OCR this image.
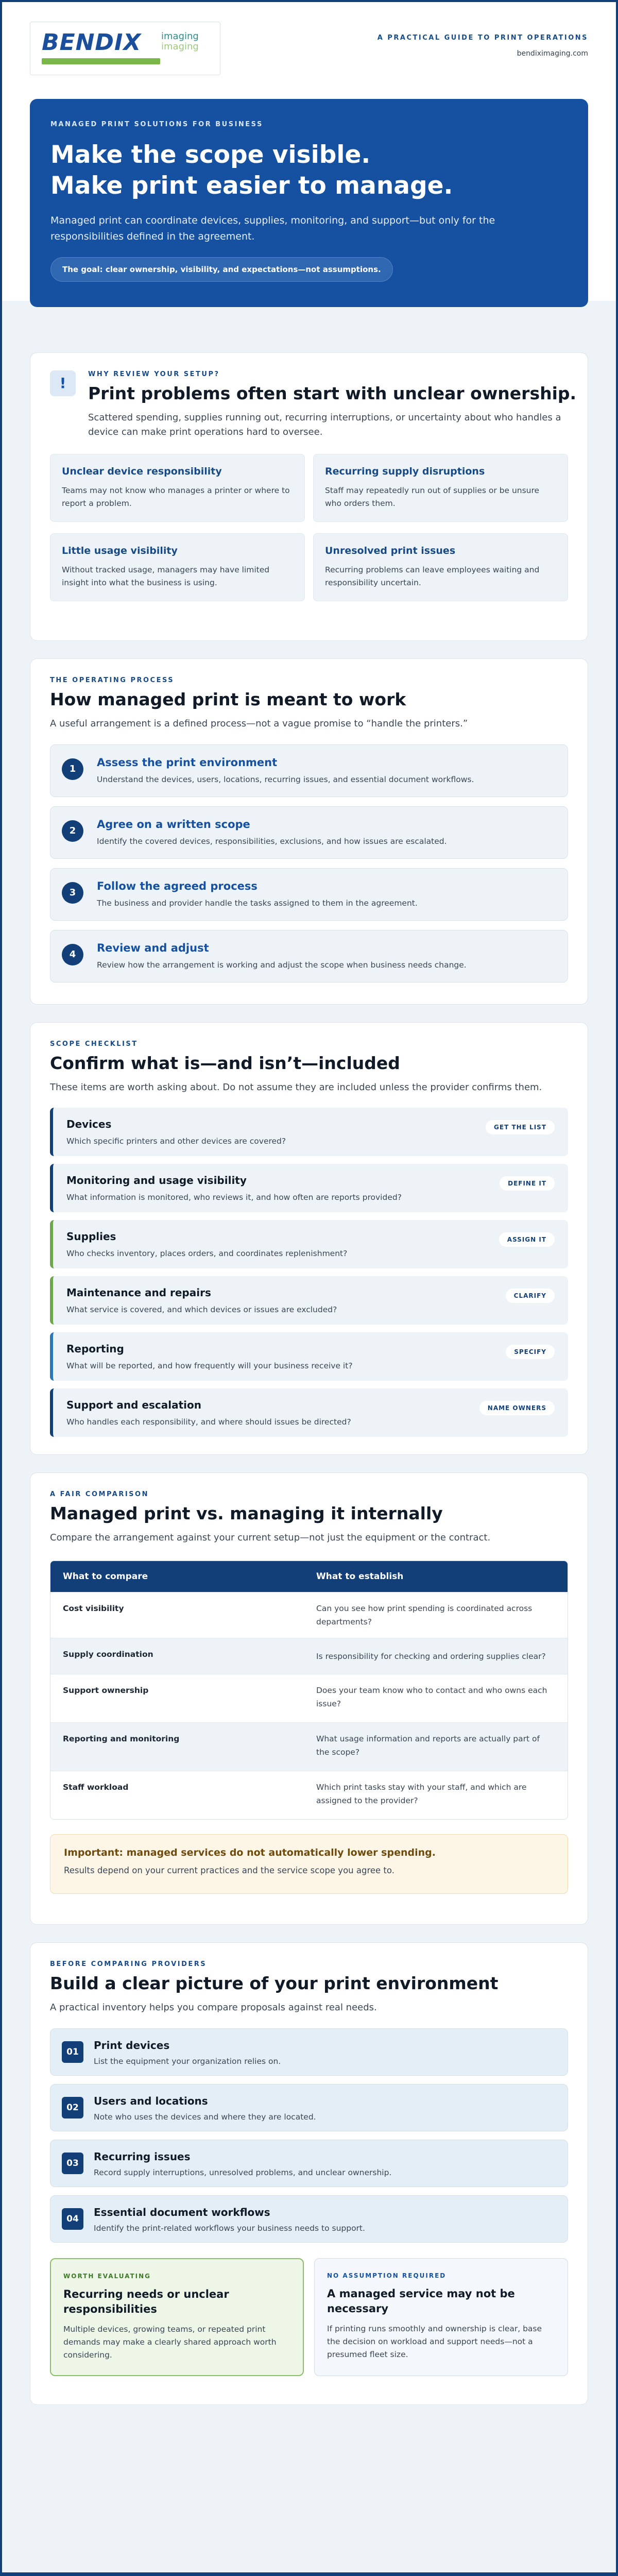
BENDIX imaging
imaging
A PRACTICAL GUIDE TO PRINT OPERATIONS
bendiximaging.com
MANAGED PRINT SOLUTIONS FOR BUSINESS
Make the scope visible.
Make print easier to manage.
Managed print can coordinate devices, supplies, monitoring, and support—but only for the responsibilities defined in the agreement.
The goal: clear ownership, visibility, and expectations—not assumptions.
!
WHY REVIEW YOUR SETUP?
Print problems often start with unclear ownership.
Scattered spending, supplies running out, recurring interruptions, or uncertainty about who handles a device can make print operations hard to oversee.
Unclear device responsibility
Teams may not know who manages a printer or where to report a problem.
Recurring supply disruptions
Staff may repeatedly run out of supplies or be unsure who orders them.
Little usage visibility
Without tracked usage, managers may have limited insight into what the business is using.
Unresolved print issues
Recurring problems can leave employees waiting and responsibility uncertain.
THE OPERATING PROCESS
How managed print is meant to work
A useful arrangement is a defined process—not a vague promise to “handle the printers.”
1
Assess the print environment
Understand the devices, users, locations, recurring issues, and essential document workflows.
2
Agree on a written scope
Identify the covered devices, responsibilities, exclusions, and how issues are escalated.
3
Follow the agreed process
The business and provider handle the tasks assigned to them in the agreement.
4
Review and adjust
Review how the arrangement is working and adjust the scope when business needs change.
SCOPE CHECKLIST
Confirm what is—and isn’t—included
These items are worth asking about. Do not assume they are included unless the provider confirms them.
Devices
Which specific printers and other devices are covered?
GET THE LIST
Monitoring and usage visibility
What information is monitored, who reviews it, and how often are reports provided?
DEFINE IT
Supplies
Who checks inventory, places orders, and coordinates replenishment?
ASSIGN IT
Maintenance and repairs
What service is covered, and which devices or issues are excluded?
CLARIFY
Reporting
What will be reported, and how frequently will your business receive it?
SPECIFY
Support and escalation
Who handles each responsibility, and where should issues be directed?
NAME OWNERS
A FAIR COMPARISON
Managed print vs. managing it internally
Compare the arrangement against your current setup—not just the equipment or the contract.
What to compare	What to establish
Cost visibility	Can you see how print spending is coordinated across departments?
Supply coordination	Is responsibility for checking and ordering supplies clear?
Support ownership	Does your team know who to contact and who owns each issue?
Reporting and monitoring	What usage information and reports are actually part of the scope?
Staff workload	Which print tasks stay with your staff, and which are assigned to the provider?
Important: managed services do not automatically lower spending.
Results depend on your current practices and the service scope you agree to.
BEFORE COMPARING PROVIDERS
Build a clear picture of your print environment
A practical inventory helps you compare proposals against real needs.
01
Print devices
List the equipment your organization relies on.
02
Users and locations
Note who uses the devices and where they are located.
03
Recurring issues
Record supply interruptions, unresolved problems, and unclear ownership.
04
Essential document workflows
Identify the print-related workflows your business needs to support.
WORTH EVALUATING
Recurring needs or unclear responsibilities
Multiple devices, growing teams, or repeated print demands may make a clearly shared approach worth considering.
NO ASSUMPTION REQUIRED
A managed service may not be necessary
If printing runs smoothly and ownership is clear, base the decision on workload and support needs—not a presumed fleet size.
